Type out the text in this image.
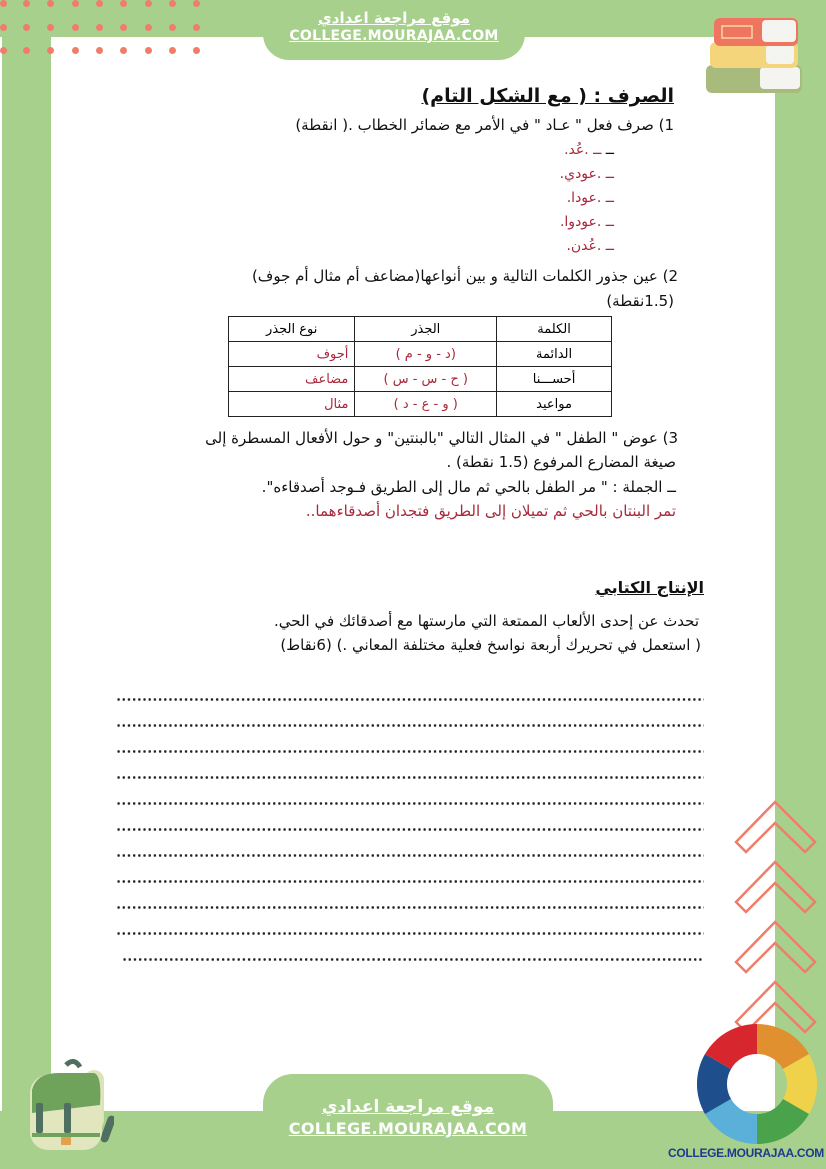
موقع مراجعة اعدادي
COLLEGE.MOURAJAA.COM
الصرف : ( مع الشكل التام)
1) صرف فعل " عـاد " في الأمر مع ضمائر الخطاب .( انقطة)
ــ ــ .عُد.
ــ .عودي.
ــ .عودا.
ــ .عودوا.
ــ .عُدن.
2) عين جذور الكلمات التالية و بين أنواعها(مضاعف أم مثال أم جوف)
(1.5نقطة)
الكلمة	الجذر	نوع الجذر
الدائمة	(د - و - م )	أجوف
أحســـنا	( ح - س - س )	مضاعف
مواعيد	( و - ع - د )	مثال
3) عوض " الطفل " في المثال التالي "بالبنتين" و حول الأفعال المسطرة إلى
صيغة المضارع المرفوع (1.5 نقطة) .
ــ الجملة : " مر الطفل بالحي ثم مال إلى الطريق فـوجد أصدقاءه".
تمر البنتان بالحي ثم تميلان إلى الطريق فتجدان أصدقاءهما..
الإنتاج الكتابي
تحدث عن إحدى الألعاب الممتعة التي مارستها مع أصدقائك في الحي.
( استعمل في تحريرك أربعة نواسخ فعلية مختلفة المعاني .) (6نقاط)
موقع مراجعة اعدادي
COLLEGE.MOURAJAA.COM
COLLEGE.MOURAJAA.COM
